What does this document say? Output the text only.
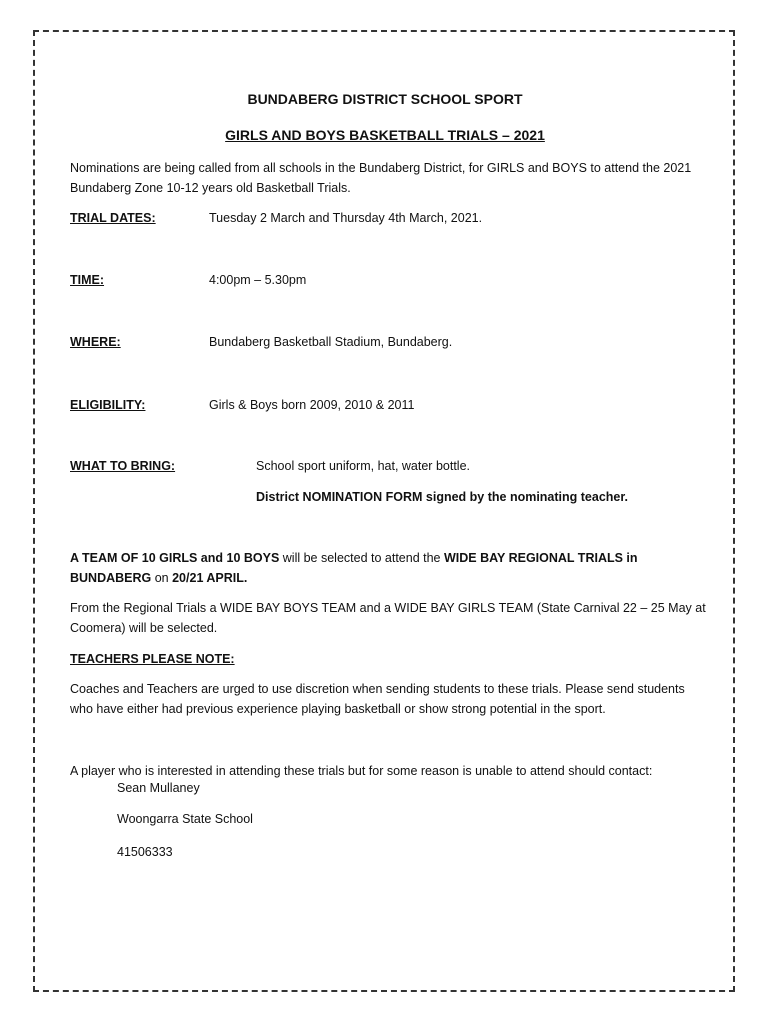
BUNDABERG DISTRICT SCHOOL SPORT

GIRLS AND BOYS BASKETBALL TRIALS – 2021

Nominations are being called from all schools in the Bundaberg District, for GIRLS and BOYS to attend the 2021 Bundaberg Zone 10-12 years old Basketball Trials.

TRIAL DATES:	Tuesday 2 March and Thursday 4th March, 2021.

TIME:	4:00pm – 5.30pm

WHERE:	Bundaberg Basketball Stadium, Bundaberg.

ELIGIBILITY:	Girls & Boys born 2009, 2010 & 2011

WHAT TO BRING:	School sport uniform, hat, water bottle.

District NOMINATION FORM signed by the nominating teacher.

A TEAM OF 10 GIRLS and 10 BOYS will be selected to attend the WIDE BAY REGIONAL TRIALS in BUNDABERG on 20/21 APRIL.

From the Regional Trials a WIDE BAY BOYS TEAM and a WIDE BAY GIRLS TEAM (State Carnival 22 – 25 May at Coomera) will be selected.

TEACHERS PLEASE NOTE:

Coaches and Teachers are urged to use discretion when sending students to these trials. Please send students who have either had previous experience playing basketball or show strong potential in the sport.

A player who is interested in attending these trials but for some reason is unable to attend should contact:

Sean Mullaney

Woongarra State School

41506333
